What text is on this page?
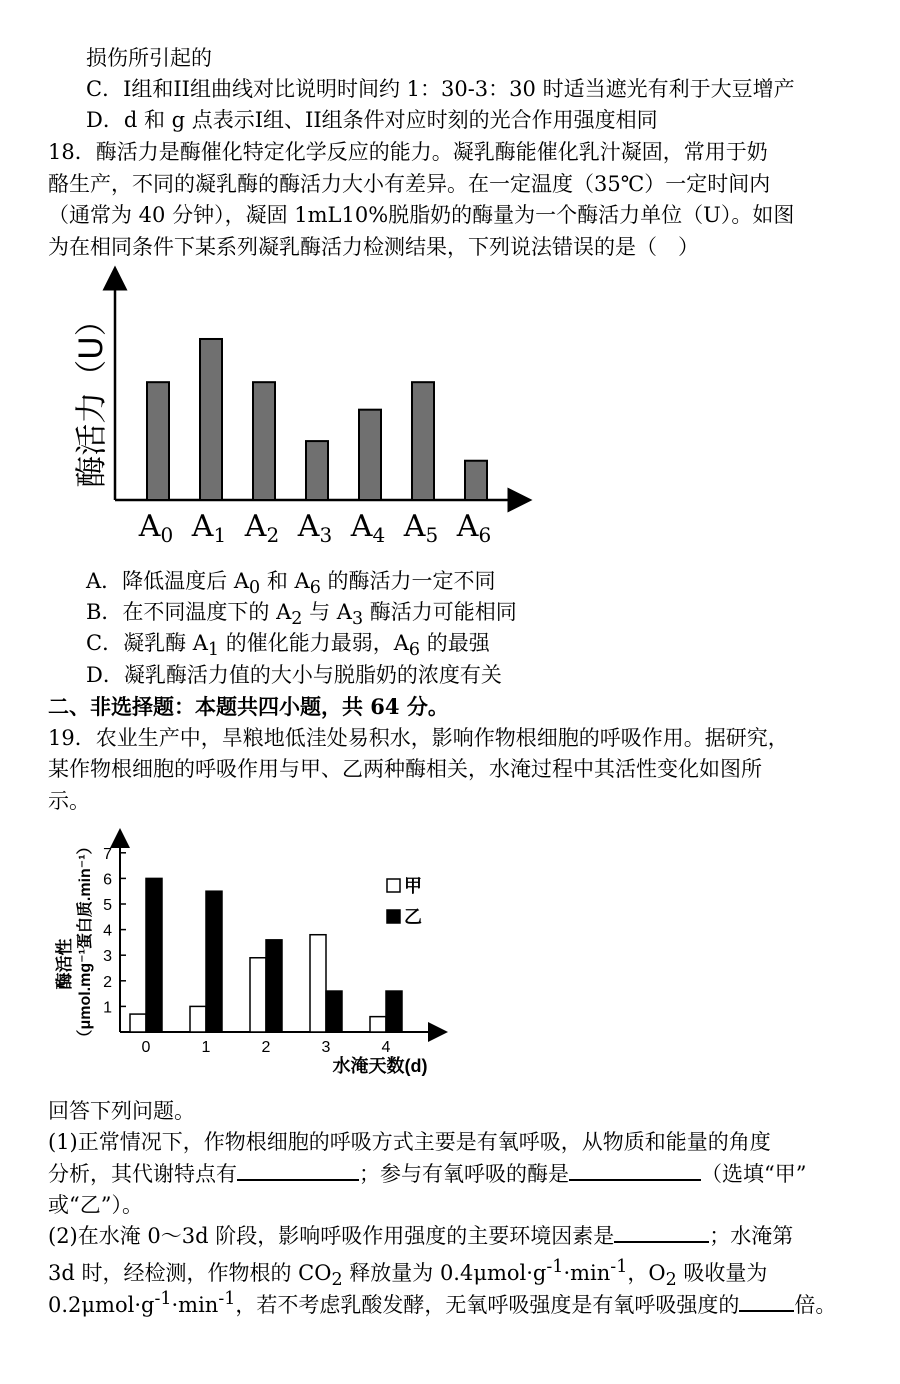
损伤所引起的
C．I组和II组曲线对比说明时间约 1：30-3：30 时适当遮光有利于大豆增产
D．d 和 g 点表示I组、II组条件对应时刻的光合作用强度相同
18．酶活力是酶催化特定化学反应的能力。凝乳酶能催化乳汁凝固，常用于奶
酪生产，不同的凝乳酶的酶活力大小有差异。在一定温度（35℃）一定时间内
（通常为 40 分钟），凝固 1mL10%脱脂奶的酶量为一个酶活力单位（U）。如图
为在相同条件下某系列凝乳酶活力检测结果，下列说法错误的是（　）
酶活力（U）
$A_0$ $A_1$ $A_2$ $A_3$ $A_4$ $A_5$ $A_6$
A．降低温度后 $A_0$ 和 $A_6$ 的酶活力一定不同
B．在不同温度下的 $A_2$ 与 $A_3$ 酶活力可能相同
C．凝乳酶 $A_1$ 的催化能力最弱，$A_6$ 的最强
D．凝乳酶活力值的大小与脱脂奶的浓度有关
二、非选择题：本题共四小题，共 64 分。
19．农业生产中，旱粮地低洼处易积水，影响作物根细胞的呼吸作用。据研究，
某作物根细胞的呼吸作用与甲、乙两种酶相关，水淹过程中其活性变化如图所
示。
酶活性 （μmol.mg⁻¹蛋白质.min⁻¹） 1
2
3
4
5
6
7
0	1	2	3	4
水淹天数(d)
甲
乙
回答下列问题。
(1)正常情况下，作物根细胞的呼吸方式主要是有氧呼吸，从物质和能量的角度
分析，其代谢特点有	；参与有氧呼吸的酶是	（选填“甲”
或“乙”）。
(2)在水淹 0～3d 阶段，影响呼吸作用强度的主要环境因素是	；水淹第
3d 时，经检测，作物根的 $CO_2$ 释放量为 $0.4\mu mol\cdot g^{-1}\cdot\min^{-1}$，$O_2$ 吸收量为
$0.2\mu mol\cdot g^{-1}\cdot\min^{-1}$，若不考虑乳酸发酵，无氧呼吸强度是有氧呼吸强度的	倍。
